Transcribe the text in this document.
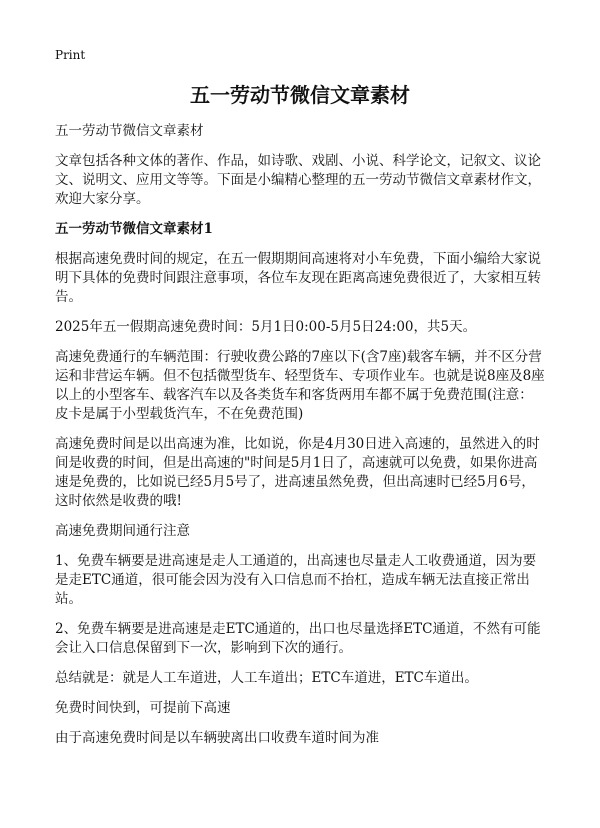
Print
五一劳动节微信文章素材

五一劳动节微信文章素材

文章包括各种文体的著作、作品，如诗歌、戏剧、小说、科学论文，记叙文、议论文、说明文、应用文等等。下面是小编精心整理的五一劳动节微信文章素材作文，欢迎大家分享。

五一劳动节微信文章素材1

根据高速免费时间的规定，在五一假期期间高速将对小车免费，下面小编给大家说明下具体的免费时间跟注意事项，各位车友现在距离高速免费很近了，大家相互转告。

2025年五一假期高速免费时间：5月1日0:00-5月5日24:00，共5天。

高速免费通行的车辆范围：行驶收费公路的7座以下(含7座)载客车辆，并不区分营运和非营运车辆。但不包括微型货车、轻型货车、专项作业车。也就是说8座及8座以上的小型客车、载客汽车以及各类货车和客货两用车都不属于免费范围(注意：皮卡是属于小型载货汽车，不在免费范围)

高速免费时间是以出高速为准，比如说，你是4月30日进入高速的，虽然进入的时间是收费的时间，但是出高速的"时间是5月1日了，高速就可以免费，如果你进高速是免费的，比如说已经5月5号了，进高速虽然免费，但出高速时已经5月6号，这时依然是收费的哦!

高速免费期间通行注意

1、免费车辆要是进高速是走人工通道的，出高速也尽量走人工收费通道，因为要是走ETC通道，很可能会因为没有入口信息而不抬杠，造成车辆无法直接正常出站。

2、免费车辆要是进高速是走ETC通道的，出口也尽量选择ETC通道，不然有可能会让入口信息保留到下一次，影响到下次的通行。

总结就是：就是人工车道进，人工车道出；ETC车道进，ETC车道出。

免费时间快到，可提前下高速

由于高速免费时间是以车辆驶离出口收费车道时间为准
